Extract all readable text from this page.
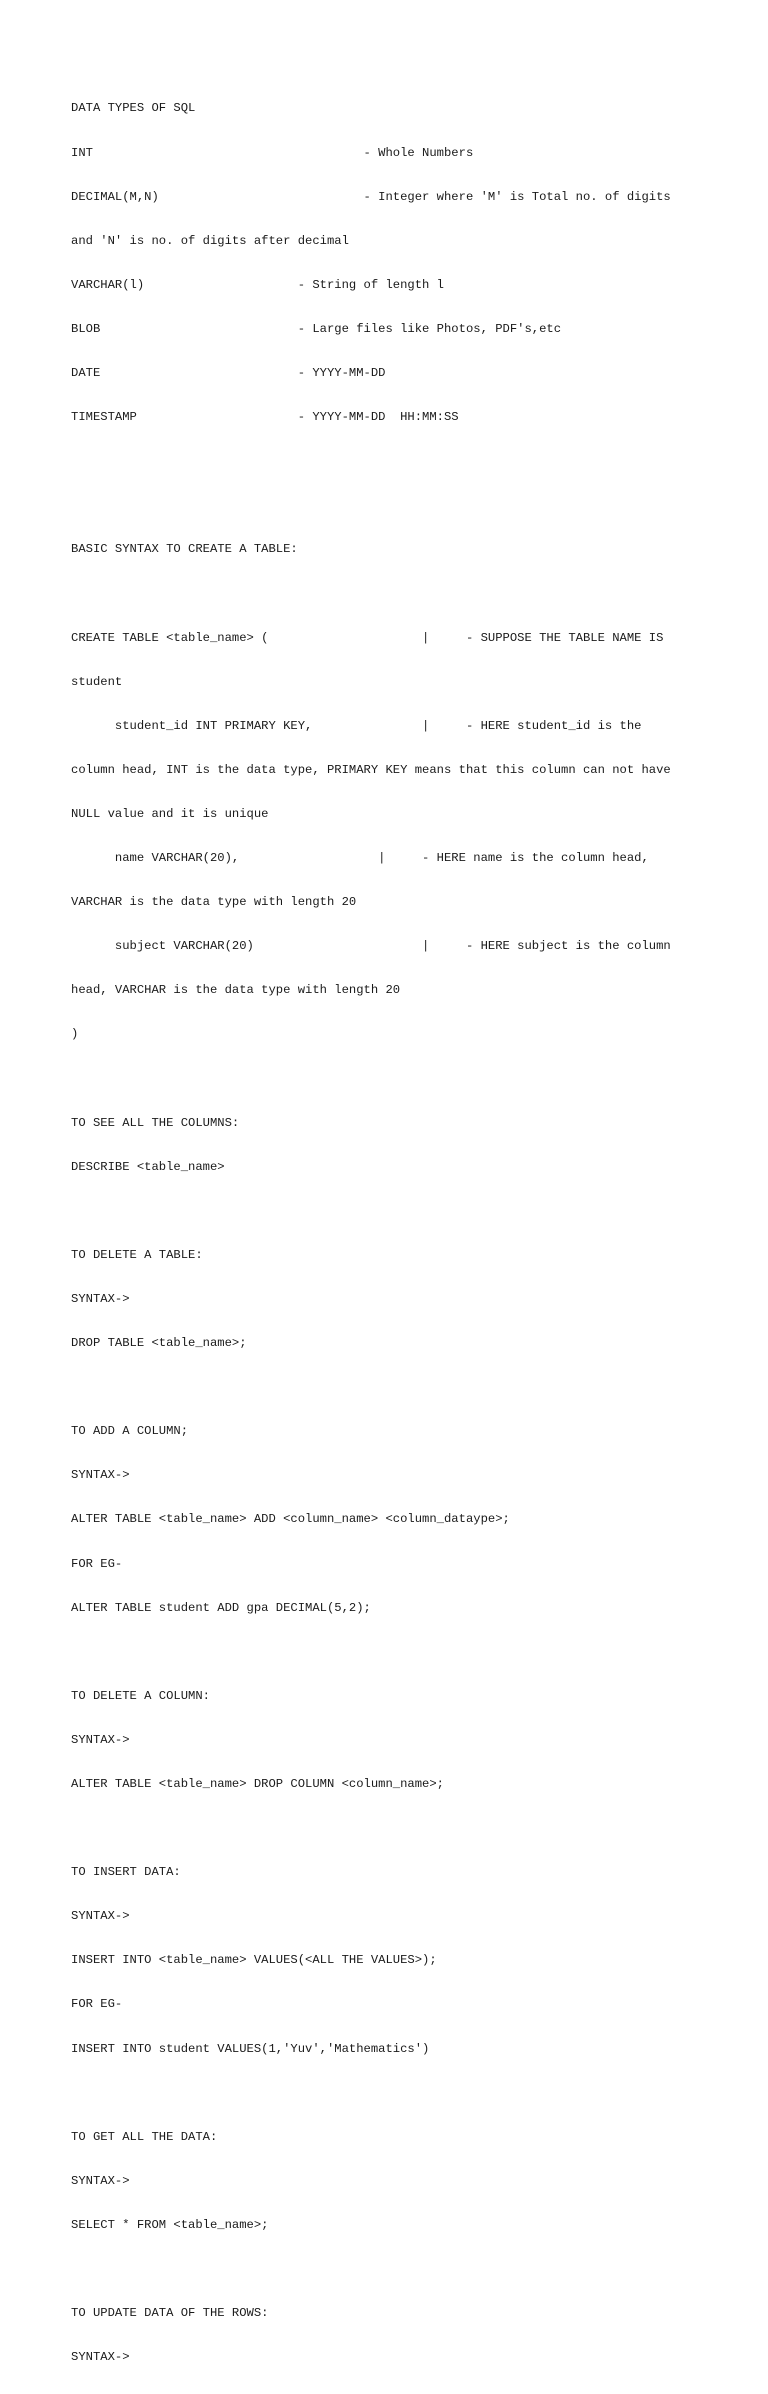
DATA TYPES OF SQL

INT                                     - Whole Numbers

DECIMAL(M,N)                            - Integer where 'M' is Total no. of digits

and 'N' is no. of digits after decimal

VARCHAR(l)                     - String of length l

BLOB                           - Large files like Photos, PDF's,etc

DATE                           - YYYY-MM-DD

TIMESTAMP                      - YYYY-MM-DD  HH:MM:SS

BASIC SYNTAX TO CREATE A TABLE:

CREATE TABLE <table_name> (                     |     - SUPPOSE THE TABLE NAME IS

student

student_id INT PRIMARY KEY,               |     - HERE student_id is the

column head, INT is the data type, PRIMARY KEY means that this column can not have

NULL value and it is unique

name VARCHAR(20),                   |     - HERE name is the column head,

VARCHAR is the data type with length 20

subject VARCHAR(20)                       |     - HERE subject is the column

head, VARCHAR is the data type with length 20

)

TO SEE ALL THE COLUMNS:

DESCRIBE <table_name>

TO DELETE A TABLE:

SYNTAX->

DROP TABLE <table_name>;

TO ADD A COLUMN;

SYNTAX->

ALTER TABLE <table_name> ADD <column_name> <column_dataype>;

FOR EG-

ALTER TABLE student ADD gpa DECIMAL(5,2);

TO DELETE A COLUMN:

SYNTAX->

ALTER TABLE <table_name> DROP COLUMN <column_name>;

TO INSERT DATA:

SYNTAX->

INSERT INTO <table_name> VALUES(<ALL THE VALUES>);

FOR EG-

INSERT INTO student VALUES(1,'Yuv','Mathematics')

TO GET ALL THE DATA:

SYNTAX->

SELECT * FROM <table_name>;

TO UPDATE DATA OF THE ROWS:

SYNTAX->
